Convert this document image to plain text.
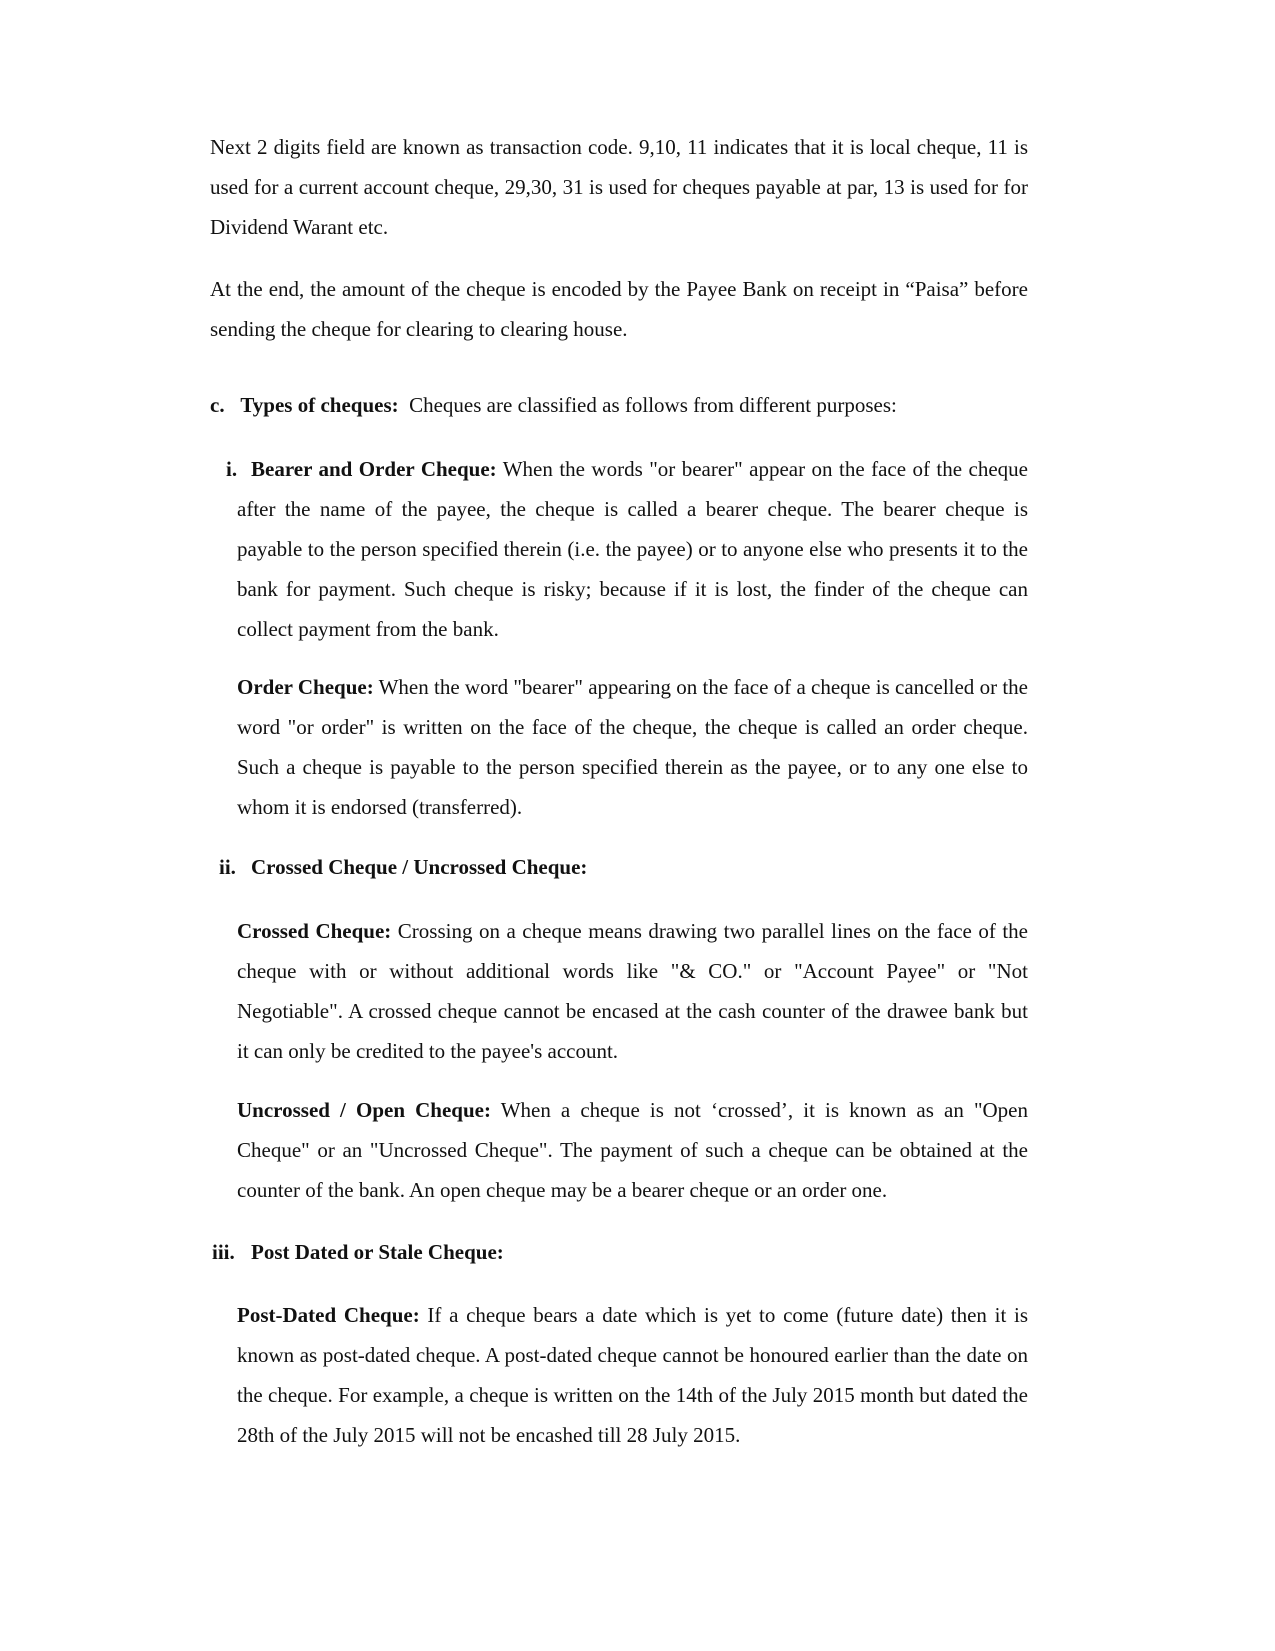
Next 2 digits field are known as transaction code. 9,10, 11 indicates that it is local cheque, 11 is used for a current account cheque, 29,30, 31 is used for cheques payable at par, 13 is used for for Dividend Warant etc.

At the end, the amount of the cheque is encoded by the Payee Bank on receipt in “Paisa” before sending the cheque for clearing to clearing house.

c. Types of cheques: Cheques are classified as follows from different purposes:

i. Bearer and Order Cheque: When the words "or bearer" appear on the face of the cheque after the name of the payee, the cheque is called a bearer cheque. The bearer cheque is payable to the person specified therein (i.e. the payee) or to anyone else who presents it to the bank for payment. Such cheque is risky; because if it is lost, the finder of the cheque can collect payment from the bank.

Order Cheque: When the word "bearer" appearing on the face of a cheque is cancelled or the word "or order" is written on the face of the cheque, the cheque is called an order cheque. Such a cheque is payable to the person specified therein as the payee, or to any one else to whom it is endorsed (transferred).

ii. Crossed Cheque / Uncrossed Cheque:

Crossed Cheque: Crossing on a cheque means drawing two parallel lines on the face of the cheque with or without additional words like "& CO." or "Account Payee" or "Not Negotiable". A crossed cheque cannot be encased at the cash counter of the drawee bank but it can only be credited to the payee's account.

Uncrossed / Open Cheque: When a cheque is not ‘crossed’, it is known as an "Open Cheque" or an "Uncrossed Cheque". The payment of such a cheque can be obtained at the counter of the bank. An open cheque may be a bearer cheque or an order one.

iii. Post Dated or Stale Cheque:

Post-Dated Cheque: If a cheque bears a date which is yet to come (future date) then it is known as post-dated cheque. A post-dated cheque cannot be honoured earlier than the date on the cheque. For example, a cheque is written on the 14th of the July 2015 month but dated the 28th of the July 2015 will not be encashed till 28 July 2015.
